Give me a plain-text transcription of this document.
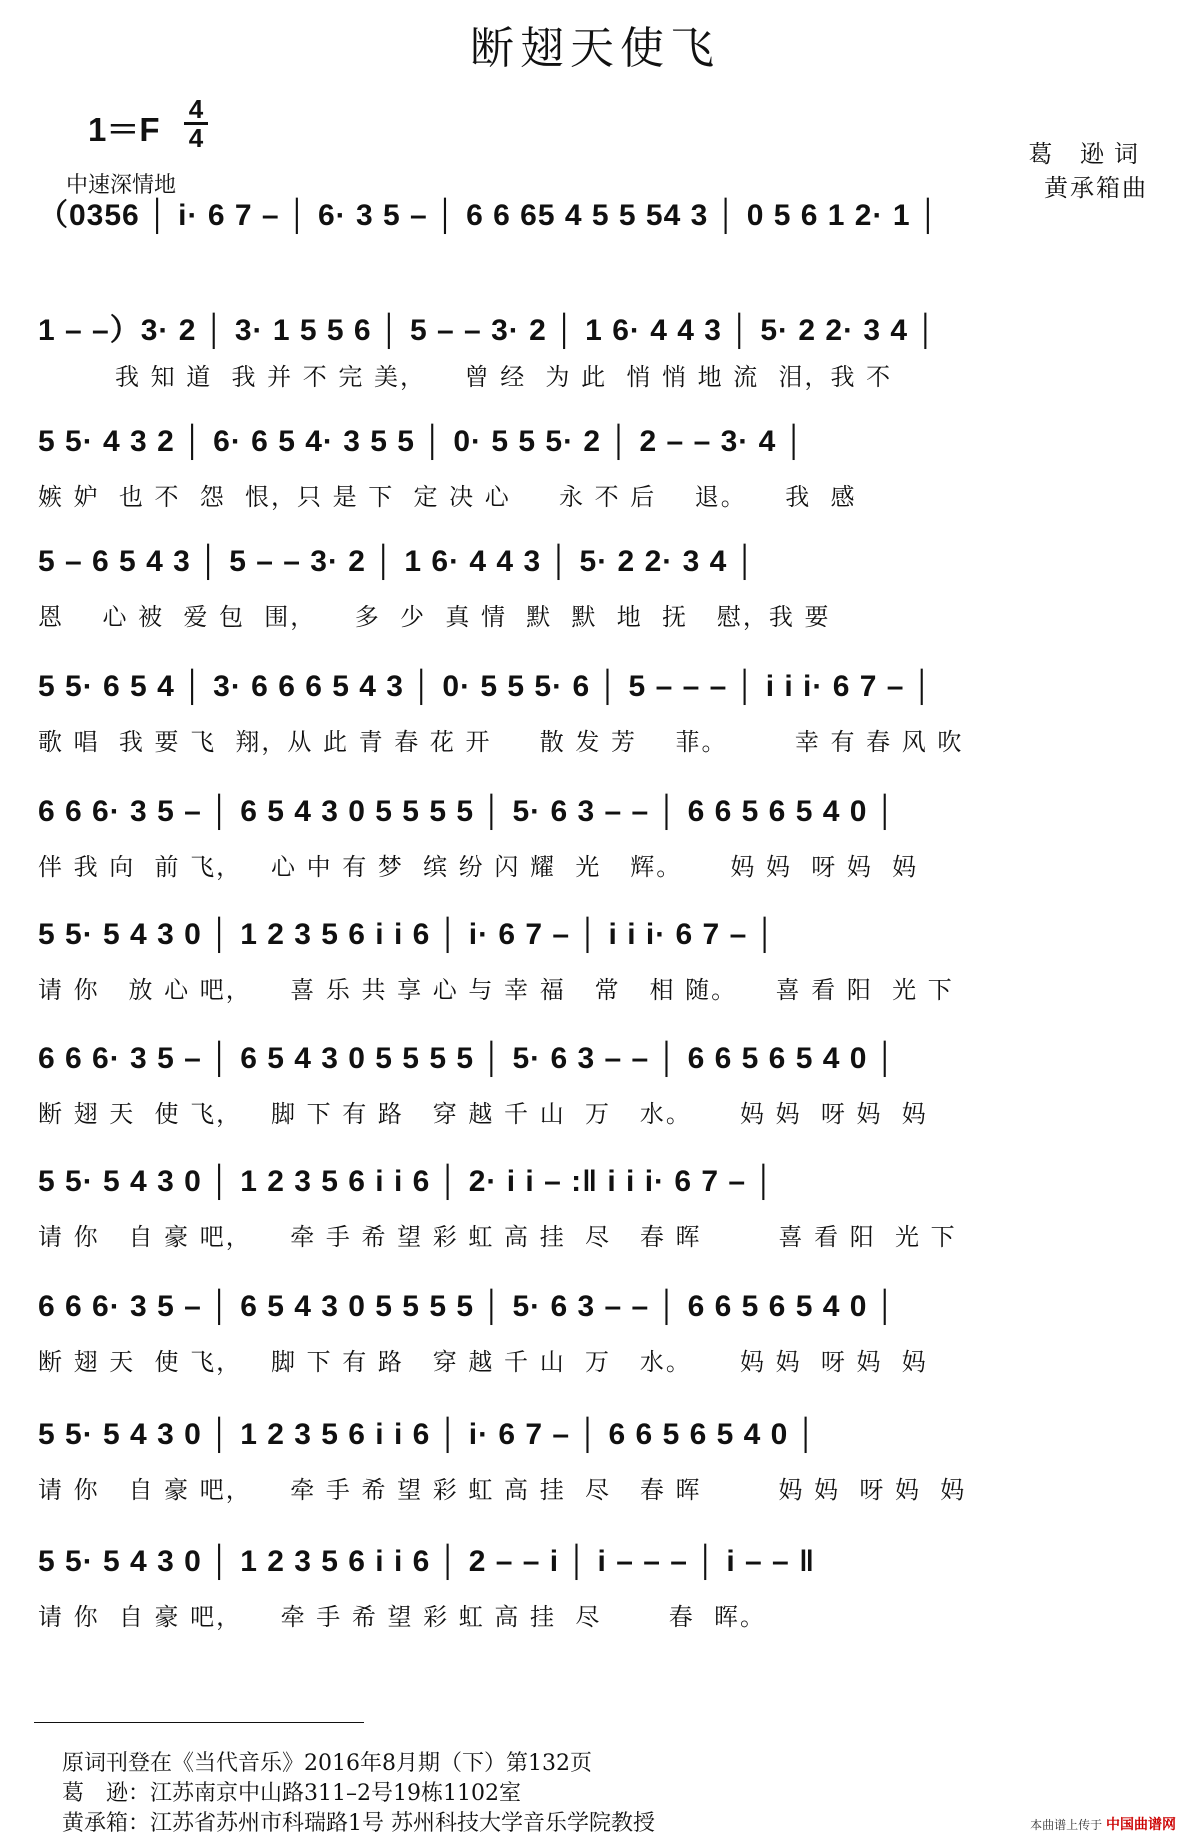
断翅天使飞
1＝F
4
4
中速深情地
葛 逊词
黄承箱曲
（0356 │ i· 6 7 – │ 6· 3 5 – │ 6 6 65 4 5 5 54 3 │ 0 5 6 1 2· 1 │
1 – –）3· 2 │ 3· 1 5 5 6 │ 5 – – 3· 2 │ 1 6· 4 4 3 │ 5· 2 2· 3 4 │
我 知 道  我 并 不 完 美，    曾 经  为 此  悄 悄 地 流  泪，我 不
5 5· 4 3 2 │ 6· 6 5 4· 3 5 5 │ 0· 5 5 5· 2 │ 2 – – 3· 4 │
嫉 妒  也 不  怨  恨，只 是 下  定 决 心     永 不 后    退。    我  感
5 – 6 5 4 3 │ 5 – – 3· 2 │ 1 6· 4 4 3 │ 5· 2 2· 3 4 │
恩    心 被  爱 包  围，    多  少  真 情  默  默  地  抚   慰，我 要
5 5· 6 5 4 │ 3· 6 6 6 5 4 3 │ 0· 5 5 5· 6 │ 5 – – – │ i i i· 6 7 – │
歌 唱  我 要 飞  翔，从 此 青 春 花 开     散 发 芳    菲。       幸 有 春 风 吹
6 6 6· 3 5 – │ 6 5 4 3 0 5 5 5 5 │ 5· 6 3 – – │ 6 6 5 6 5 4 0 │
伴 我 向  前 飞，   心 中 有 梦  缤 纷 闪 耀  光   辉。     妈 妈  呀 妈  妈
5 5· 5 4 3 0 │ 1 2 3 5 6 i i 6 │ i· 6 7 – │ i i i· 6 7 – │
请 你   放 心 吧，    喜 乐 共 享 心 与 幸 福   常   相 随。    喜 看 阳  光 下
6 6 6· 3 5 – │ 6 5 4 3 0 5 5 5 5 │ 5· 6 3 – – │ 6 6 5 6 5 4 0 │
断 翅 天  使 飞，   脚 下 有 路   穿 越 千 山  万   水。     妈 妈  呀 妈  妈
5 5· 5 4 3 0 │ 1 2 3 5 6 i i 6 │ 2· i i – :‖ i i i· 6 7 – │
请 你   自 豪 吧，    牵 手 希 望 彩 虹 高 挂  尽   春 晖        喜 看 阳  光 下
6 6 6· 3 5 – │ 6 5 4 3 0 5 5 5 5 │ 5· 6 3 – – │ 6 6 5 6 5 4 0 │
断 翅 天  使 飞，   脚 下 有 路   穿 越 千 山  万   水。     妈 妈  呀 妈  妈
5 5· 5 4 3 0 │ 1 2 3 5 6 i i 6 │ i· 6 7 – │ 6 6 5 6 5 4 0 │
请 你   自 豪 吧，    牵 手 希 望 彩 虹 高 挂  尽   春 晖        妈 妈  呀 妈  妈
5 5· 5 4 3 0 │ 1 2 3 5 6 i i 6 │ 2 – – i │ i – – – │ i – – ‖
请 你  自 豪 吧，    牵 手 希 望 彩 虹 高 挂  尽       春  晖。
原词刊登在《当代音乐》2016年8月期（下）第132页
葛　逊：江苏南京中山路311–2号19栋1102室
黄承箱：江苏省苏州市科瑞路1号 苏州科技大学音乐学院教授	本曲谱上传于 中国曲谱网
